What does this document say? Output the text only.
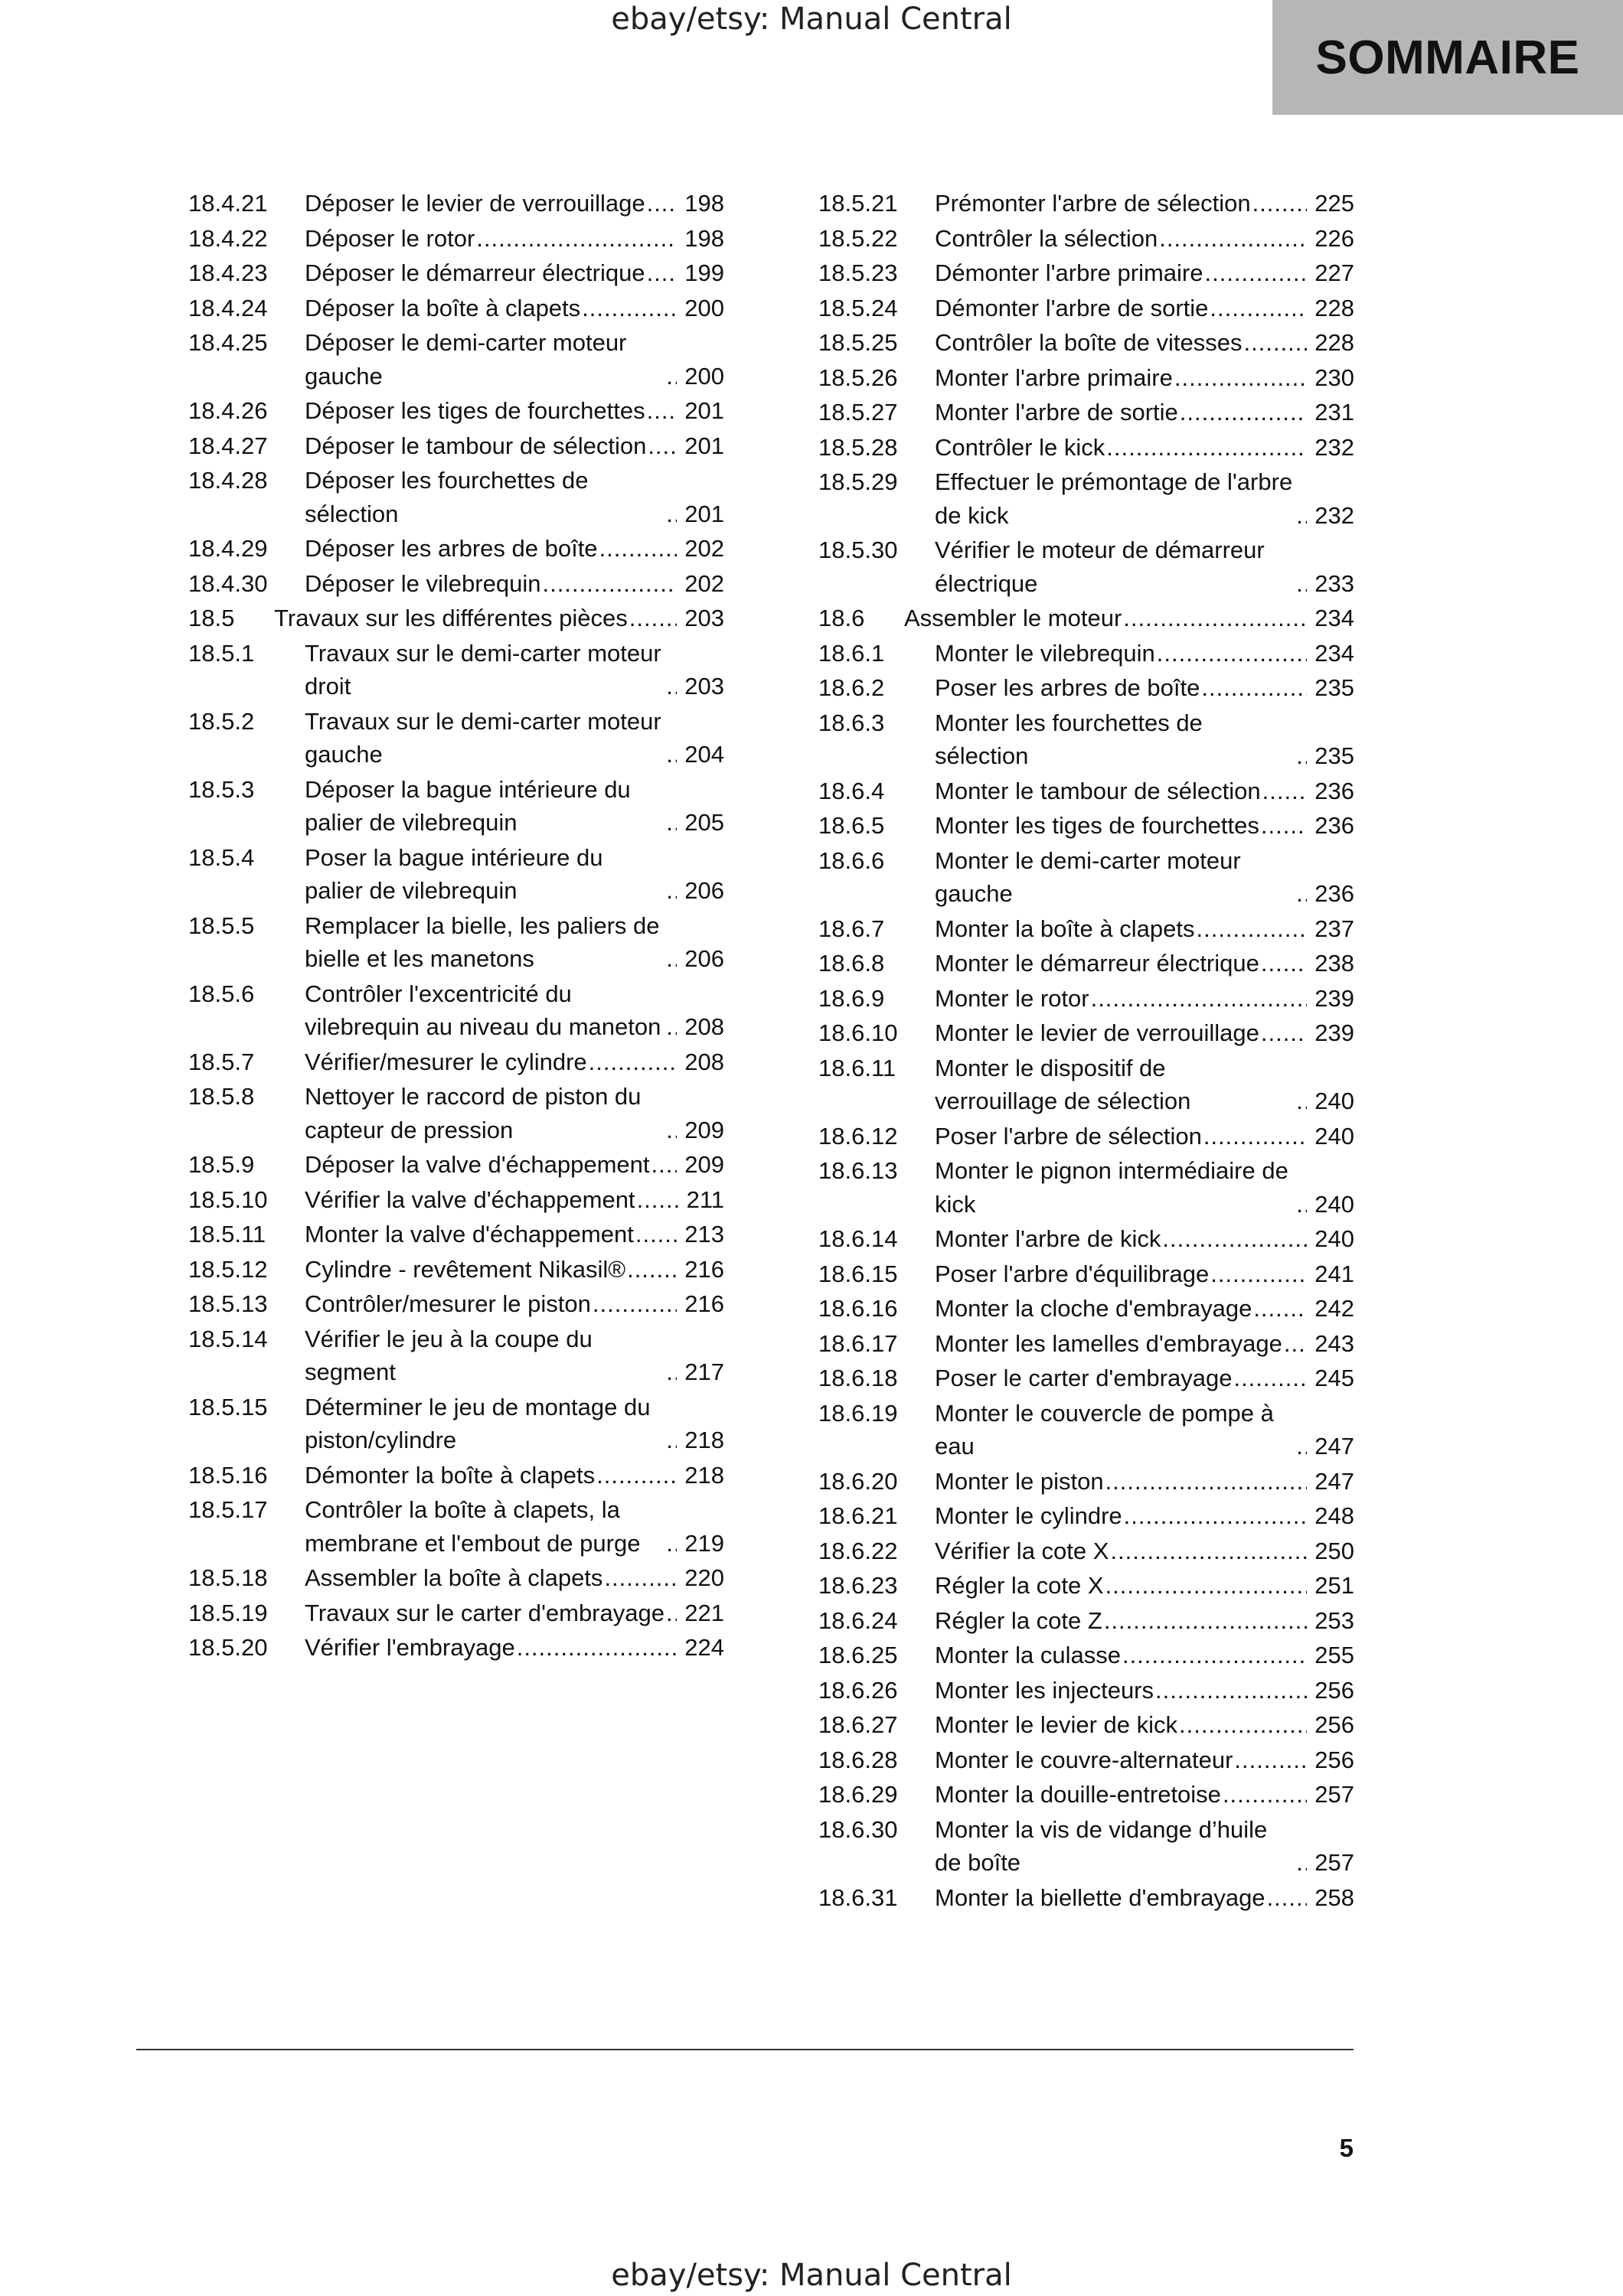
ebay/etsy: Manual Central
SOMMAIRE
18.4.21	Déposer le levier de verrouillage .....	198
18.4.22	Déposer le rotor .....	198
18.4.23	Déposer le démarreur électrique .....	199
18.4.24	Déposer la boîte à clapets .....	200
18.4.25	Déposer le demi-carter moteur gauche .....	200
18.4.26	Déposer les tiges de fourchettes .....	201
18.4.27	Déposer le tambour de sélection .....	201
18.4.28	Déposer les fourchettes de sélection .....	201
18.4.29	Déposer les arbres de boîte .....	202
18.4.30	Déposer le vilebrequin .....	202
18.5	Travaux sur les différentes pièces .....	203
18.5.1	Travaux sur le demi-carter moteur droit .....	203
18.5.2	Travaux sur le demi-carter moteur gauche .....	204
18.5.3	Déposer la bague intérieure du palier de vilebrequin .....	205
18.5.4	Poser la bague intérieure du palier de vilebrequin .....	206
18.5.5	Remplacer la bielle, les paliers de bielle et les manetons .....	206
18.5.6	Contrôler l'excentricité du vilebrequin au niveau du maneton ..... 208
18.5.7	Vérifier/mesurer le cylindre .....	208
18.5.8	Nettoyer le raccord de piston du capteur de pression .....	209
18.5.9	Déposer la valve d'échappement .....	209
18.5.10	Vérifier la valve d'échappement .....	211
18.5.11	Monter la valve d'échappement .....	213
18.5.12	Cylindre - revêtement Nikasil® .....	216
18.5.13	Contrôler/mesurer le piston .....	216
18.5.14	Vérifier le jeu à la coupe du segment .....	217
18.5.15	Déterminer le jeu de montage du piston/cylindre .....	218
18.5.16	Démonter la boîte à clapets .....	218
18.5.17	Contrôler la boîte à clapets, la membrane et l'embout de purge .....	219
18.5.18	Assembler la boîte à clapets .....	220
18.5.19	Travaux sur le carter d'embrayage ..... 221
18.5.20	Vérifier l'embrayage .....	224
18.5.21	Prémonter l'arbre de sélection .....	225
18.5.22	Contrôler la sélection .....	226
18.5.23	Démonter l'arbre primaire .....	227
18.5.24	Démonter l'arbre de sortie .....	228
18.5.25	Contrôler la boîte de vitesses .....	228
18.5.26	Monter l'arbre primaire .....	230
18.5.27	Monter l'arbre de sortie .....	231
18.5.28	Contrôler le kick .....	232
18.5.29	Effectuer le prémontage de l'arbre de kick .....	232
18.5.30	Vérifier le moteur de démarreur électrique .....	233
18.6	Assembler le moteur .....	234
18.6.1	Monter le vilebrequin .....	234
18.6.2	Poser les arbres de boîte .....	235
18.6.3	Monter les fourchettes de sélection .....	235
18.6.4	Monter le tambour de sélection .....	236
18.6.5	Monter les tiges de fourchettes .....	236
18.6.6	Monter le demi-carter moteur gauche .....	236
18.6.7	Monter la boîte à clapets .....	237
18.6.8	Monter le démarreur électrique .....	238
18.6.9	Monter le rotor .....	239
18.6.10	Monter le levier de verrouillage .....	239
18.6.11	Monter le dispositif de verrouillage de sélection .....	240
18.6.12	Poser l'arbre de sélection .....	240
18.6.13	Monter le pignon intermédiaire de kick .....	240
18.6.14	Monter l'arbre de kick .....	240
18.6.15	Poser l'arbre d'équilibrage .....	241
18.6.16	Monter la cloche d'embrayage .....	242
18.6.17	Monter les lamelles d'embrayage .....	243
18.6.18	Poser le carter d'embrayage .....	245
18.6.19	Monter le couvercle de pompe à eau .....	247
18.6.20	Monter le piston .....	247
18.6.21	Monter le cylindre .....	248
18.6.22	Vérifier la cote X .....	250
18.6.23	Régler la cote X .....	251
18.6.24	Régler la cote Z .....	253
18.6.25	Monter la culasse .....	255
18.6.26	Monter les injecteurs .....	256
18.6.27	Monter le levier de kick .....	256
18.6.28	Monter le couvre-alternateur .....	256
18.6.29	Monter la douille-entretoise .....	257
18.6.30	Monter la vis de vidange d’huile de boîte .....	257
18.6.31	Monter la biellette d'embrayage .....	258
5
ebay/etsy: Manual Central
